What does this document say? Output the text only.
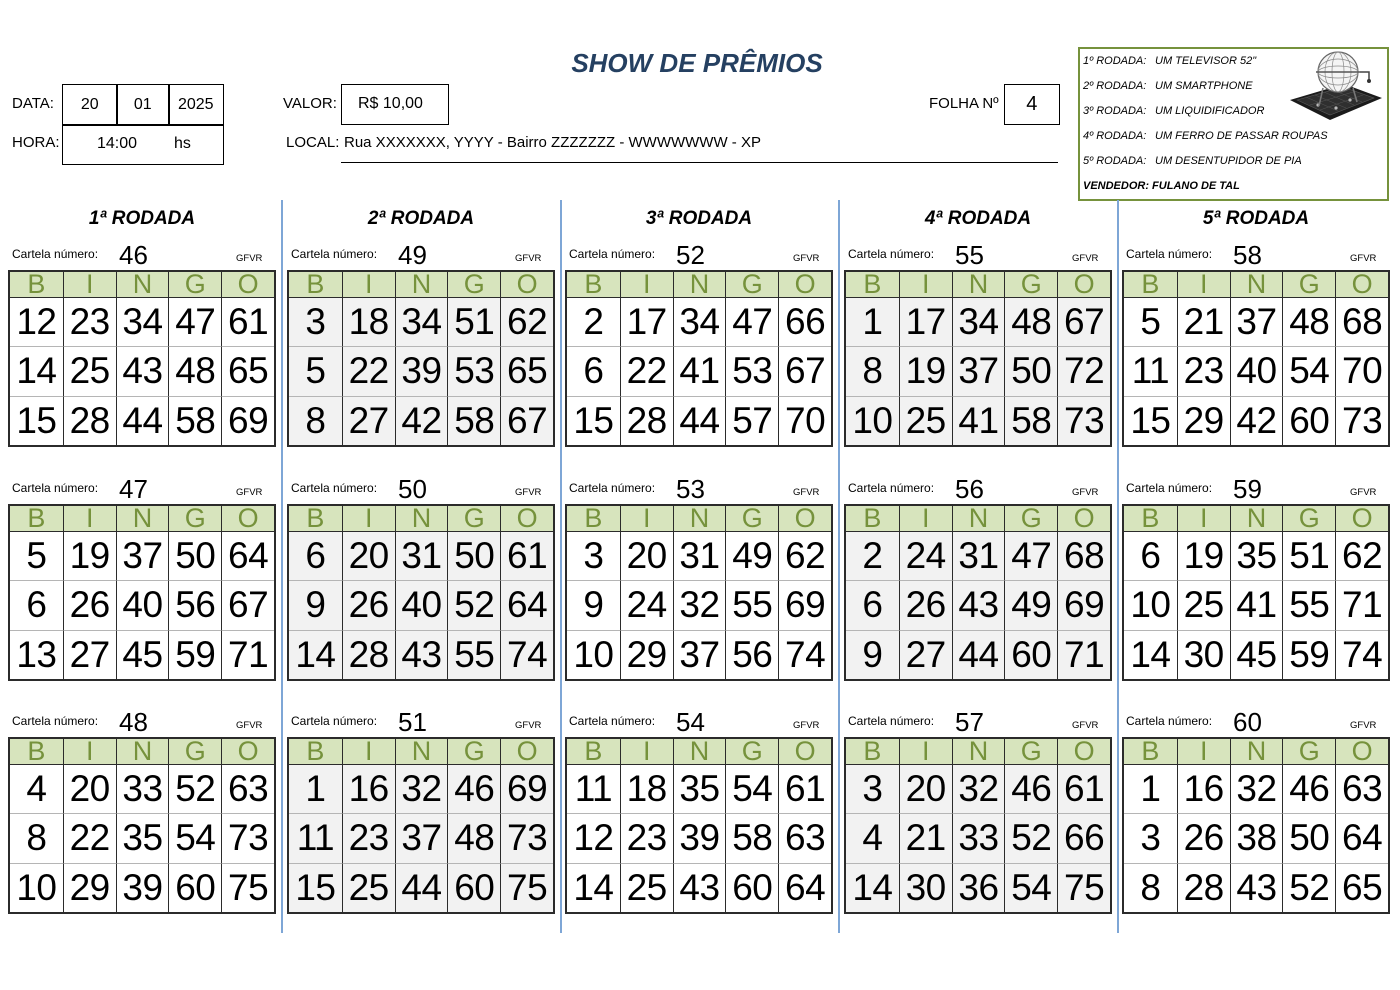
SHOW DE PRÊMIOS
DATA:	20	01	2025
HORA: 14:00 hs
VALOR:	R$ 10,00
LOCAL: Rua XXXXXXX, YYYY - Bairro ZZZZZZZ - WWWWWWW - XP
FOLHA Nº	4
1º RODADA: UM TELEVISOR 52"
2º RODADA: UM SMARTPHONE
3º RODADA: UM LIQUIDIFICADOR
4º RODADA: UM FERRO DE PASSAR ROUPAS
5º RODADA: UM DESENTUPIDOR DE PIA
VENDEDOR: FULANO DE TAL
1ª RODADA
Cartela número: 46	GFVR
B	I	N	G	O
12 23 34 47 61
14 25 43 48 65
15 28 44 58 69
Cartela número: 47	GFVR
B	I	N	G	O
5 19 37 50 64
6 26 40 56 67
13 27 45 59 71
Cartela número: 48	GFVR
B	I	N	G	O
4 20 33 52 63
8 22 35 54 73
10 29 39 60 75
2ª RODADA
Cartela número: 49	GFVR
B	I	N	G	O
3 18 34 51 62
5 22 39 53 65
8 27 42 58 67
Cartela número: 50	GFVR
B	I	N	G	O
6 20 31 50 61
9 26 40 52 64
14 28 43 55 74
Cartela número: 51	GFVR
B	I	N	G	O
1 16 32 46 69
11 23 37 48 73
15 25 44 60 75
3ª RODADA
Cartela número: 52	GFVR
B	I	N	G	O
2 17 34 47 66
6 22 41 53 67
15 28 44 57 70
Cartela número: 53	GFVR
B	I	N	G	O
3 20 31 49 62
9 24 32 55 69
10 29 37 56 74
Cartela número: 54	GFVR
B	I	N	G	O
11 18 35 54 61
12 23 39 58 63
14 25 43 60 64
4ª RODADA
Cartela número: 55	GFVR
B	I	N	G	O
1 17 34 48 67
8 19 37 50 72
10 25 41 58 73
Cartela número: 56	GFVR
B	I	N	G	O
2 24 31 47 68
6 26 43 49 69
9 27 44 60 71
Cartela número: 57	GFVR
B	I	N	G	O
3 20 32 46 61
4 21 33 52 66
14 30 36 54 75
5ª RODADA
Cartela número: 58	GFVR
B	I	N	G	O
5 21 37 48 68
11 23 40 54 70
15 29 42 60 73
Cartela número: 59	GFVR
B	I	N	G	O
6 19 35 51 62
10 25 41 55 71
14 30 45 59 74
Cartela número: 60	GFVR
B	I	N	G	O
1 16 32 46 63
3 26 38 50 64
8 28 43 52 65
